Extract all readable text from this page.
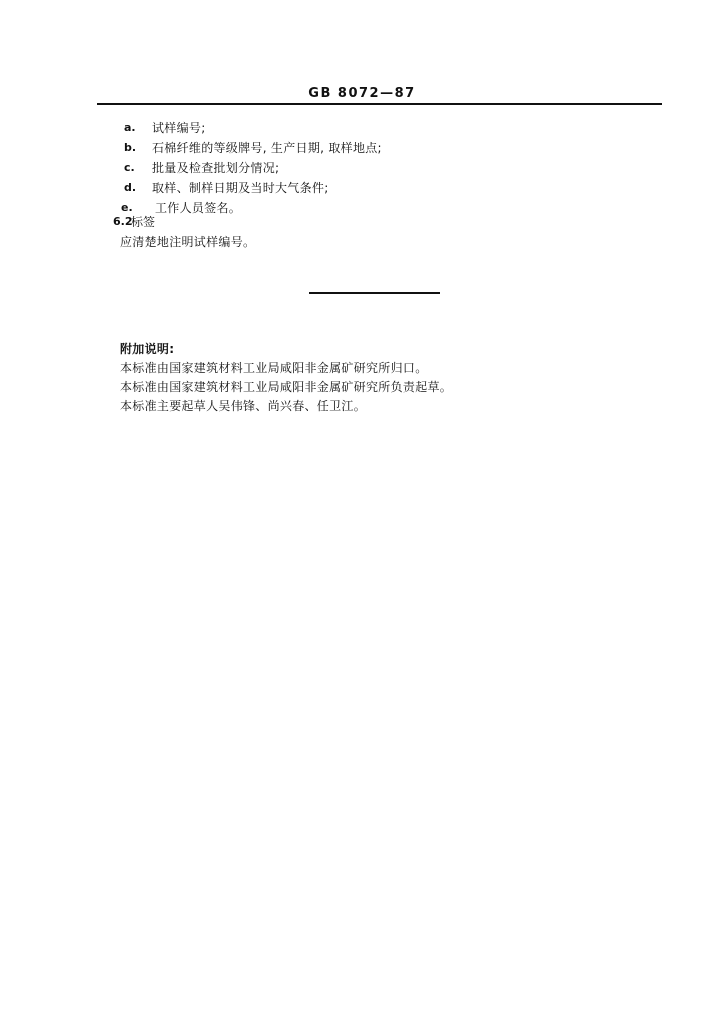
GB 8072—87
a. 试样编号;
b. 石棉纤维的等级牌号, 生产日期, 取样地点;
c. 批量及检查批划分情况;
d. 取样、制样日期及当时大气条件;
e. 工作人员签名。
6.2
标签
应清楚地注明试样编号。
附加说明:
本标准由国家建筑材料工业局咸阳非金属矿研究所归口。
本标准由国家建筑材料工业局咸阳非金属矿研究所负责起草。
本标准主要起草人吴伟锋、尚兴春、任卫江。
